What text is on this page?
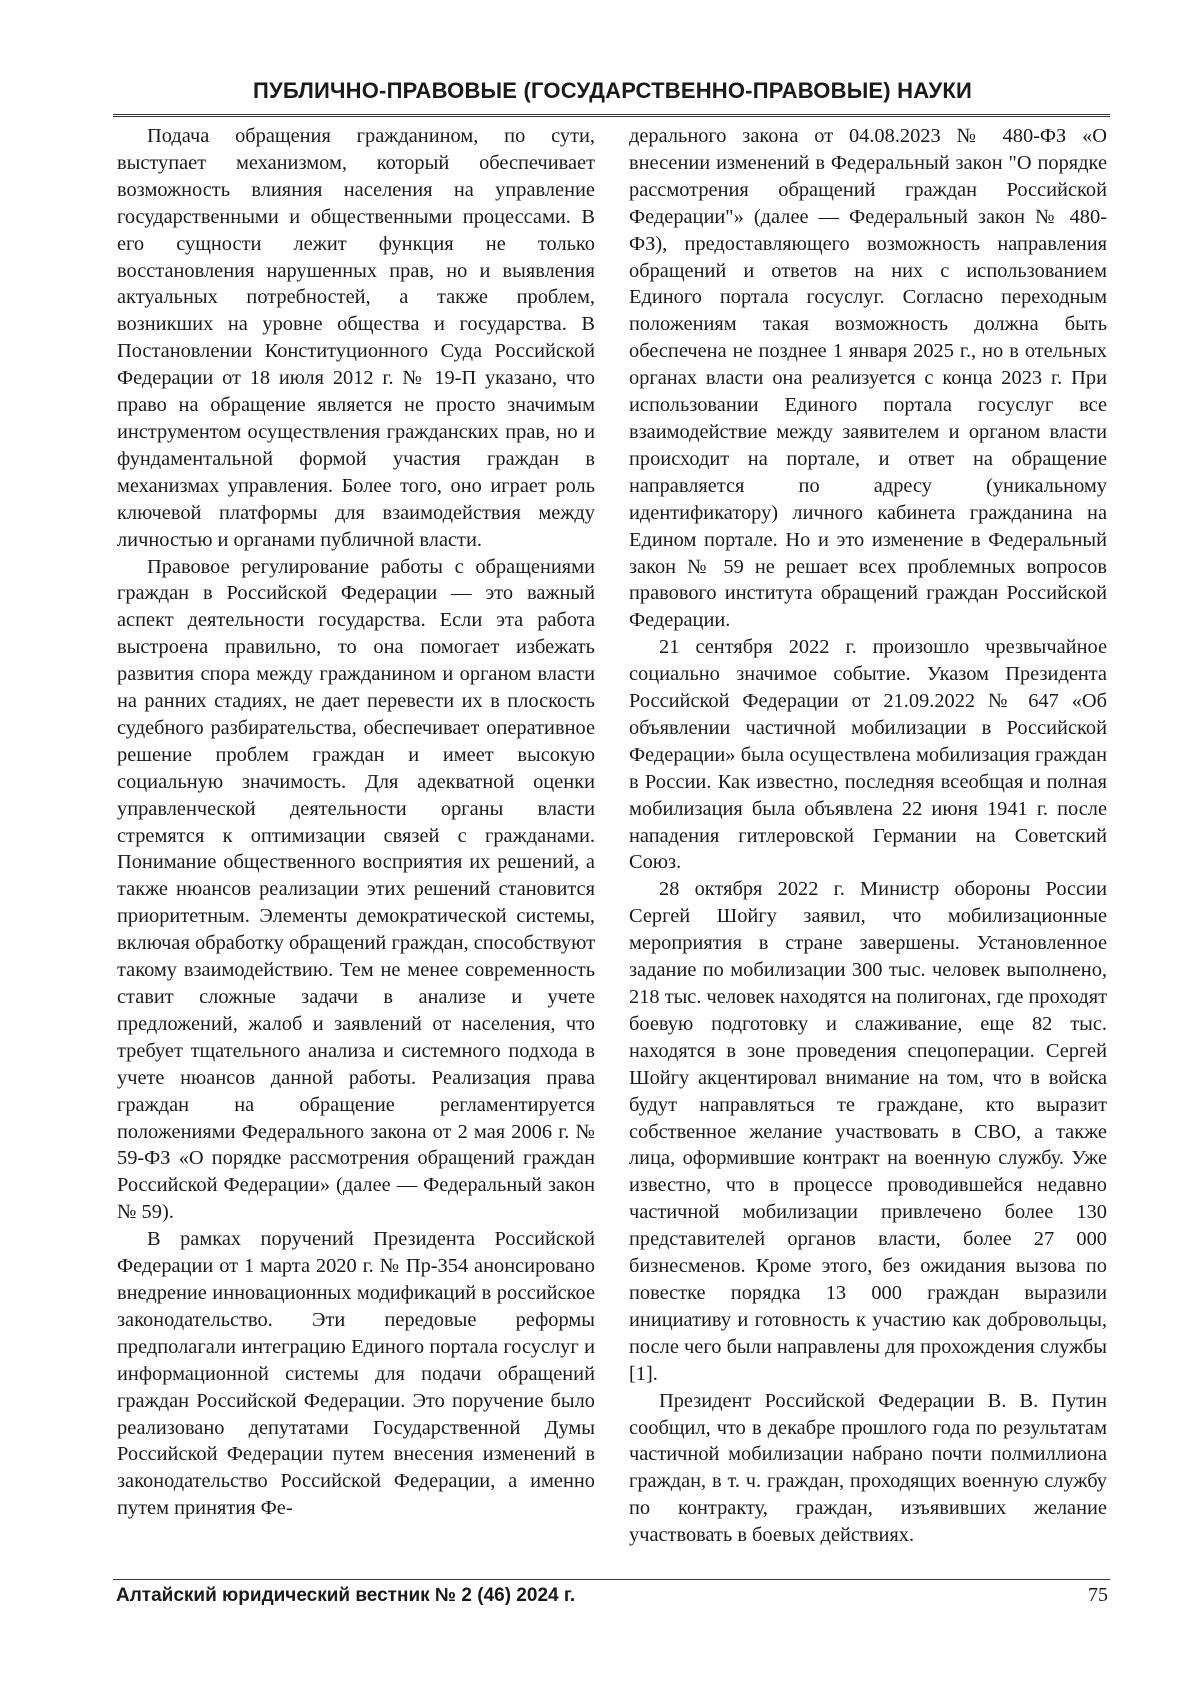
ПУБЛИЧНО-ПРАВОВЫЕ (ГОСУДАРСТВЕННО-ПРАВОВЫЕ) НАУКИ

Подача обращения гражданином, по сути, выступает механизмом, который обеспечивает возможность влияния населения на управление государственными и общественными процессами. В его сущности лежит функция не только восстановления нарушенных прав, но и выявления актуальных потребностей, а также проблем, возникших на уровне общества и государства. В Постановлении Конституционного Суда Российской Федерации от 18 июля 2012 г. № 19-П указано, что право на обращение является не просто значимым инструментом осуществления гражданских прав, но и фундаментальной формой участия граждан в механизмах управления. Более того, оно играет роль ключевой платформы для взаимодействия между личностью и органами публичной власти.

Правовое регулирование работы с обращениями граждан в Российской Федерации — это важный аспект деятельности государства. Если эта работа выстроена правильно, то она помогает избежать развития спора между гражданином и органом власти на ранних стадиях, не дает перевести их в плоскость судебного разбирательства, обеспечивает оперативное решение проблем граждан и имеет высокую социальную значимость. Для адекватной оценки управленческой деятельности органы власти стремятся к оптимизации связей с гражданами. Понимание общественного восприятия их решений, а также нюансов реализации этих решений становится приоритетным. Элементы демократической системы, включая обработку обращений граждан, способствуют такому взаимодействию. Тем не менее современность ставит сложные задачи в анализе и учете предложений, жалоб и заявлений от населения, что требует тщательного анализа и системного подхода в учете нюансов данной работы. Реализация права граждан на обращение регламентируется положениями Федерального закона от 2 мая 2006 г. № 59-ФЗ «О порядке рассмотрения обращений граждан Российской Федерации» (далее — Федеральный закон № 59).

В рамках поручений Президента Российской Федерации от 1 марта 2020 г. № Пр-354 анонсировано внедрение инновационных модификаций в российское законодательство. Эти передовые реформы предполагали интеграцию Единого портала госуслуг и информационной системы для подачи обращений граждан Российской Федерации. Это поручение было реализовано депутатами Государственной Думы Российской Федерации путем внесения изменений в законодательство Российской Федерации, а именно путем принятия Фе-

дерального закона от 04.08.2023 № 480-ФЗ «О внесении изменений в Федеральный закон "О порядке рассмотрения обращений граждан Российской Федерации"» (далее — Федеральный закон № 480-ФЗ), предоставляющего возможность направления обращений и ответов на них с использованием Единого портала госуслуг. Согласно переходным положениям такая возможность должна быть обеспечена не позднее 1 января 2025 г., но в отельных органах власти она реализуется с конца 2023 г. При использовании Единого портала госуслуг все взаимодействие между заявителем и органом власти происходит на портале, и ответ на обращение направляется по адресу (уникальному идентификатору) личного кабинета гражданина на Едином портале. Но и это изменение в Федеральный закон № 59 не решает всех проблемных вопросов правового института обращений граждан Российской Федерации.

21 сентября 2022 г. произошло чрезвычайное социально значимое событие. Указом Президента Российской Федерации от 21.09.2022 № 647 «Об объявлении частичной мобилизации в Российской Федерации» была осуществлена мобилизация граждан в России. Как известно, последняя всеобщая и полная мобилизация была объявлена 22 июня 1941 г. после нападения гитлеровской Германии на Советский Союз.

28 октября 2022 г. Министр обороны России Сергей Шойгу заявил, что мобилизационные мероприятия в стране завершены. Установленное задание по мобилизации 300 тыс. человек выполнено, 218 тыс. человек находятся на полигонах, где проходят боевую подготовку и слаживание, еще 82 тыс. находятся в зоне проведения спецоперации. Сергей Шойгу акцентировал внимание на том, что в войска будут направляться те граждане, кто выразит собственное желание участвовать в СВО, а также лица, оформившие контракт на военную службу. Уже известно, что в процессе проводившейся недавно частичной мобилизации привлечено более 130 представителей органов власти, более 27 000 бизнесменов. Кроме этого, без ожидания вызова по повестке порядка 13 000 граждан выразили инициативу и готовность к участию как добровольцы, после чего были направлены для прохождения службы [1].

Президент Российской Федерации В. В. Путин сообщил, что в декабре прошлого года по результатам частичной мобилизации набрано почти полмиллиона граждан, в т. ч. граждан, проходящих военную службу по контракту, граждан, изъявивших желание участвовать в боевых действиях.

Алтайский юридический вестник № 2 (46) 2024 г.	75
